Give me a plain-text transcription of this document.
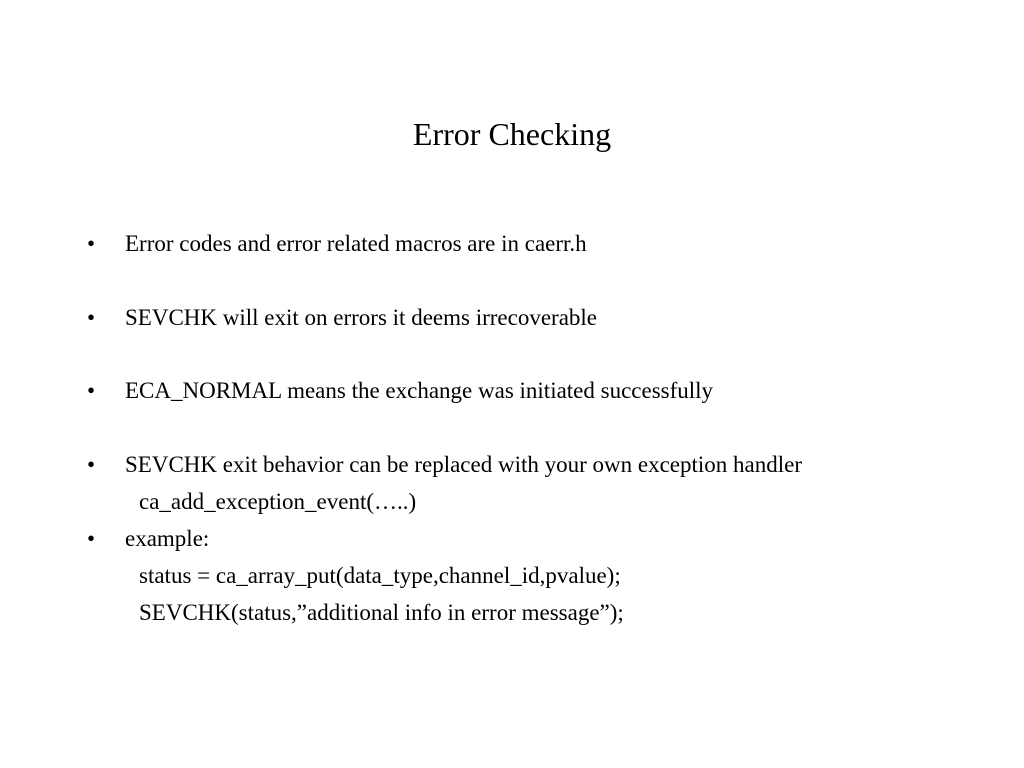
Error Checking
• Error codes and error related macros are in caerr.h
• SEVCHK will exit on errors it deems irrecoverable
• ECA_NORMAL means the exchange was initiated successfully
• SEVCHK exit behavior can be replaced with your own exception handler
ca_add_exception_event(…..)
• example:
status = ca_array_put(data_type,channel_id,pvalue);
SEVCHK(status,”additional info in error message”);
